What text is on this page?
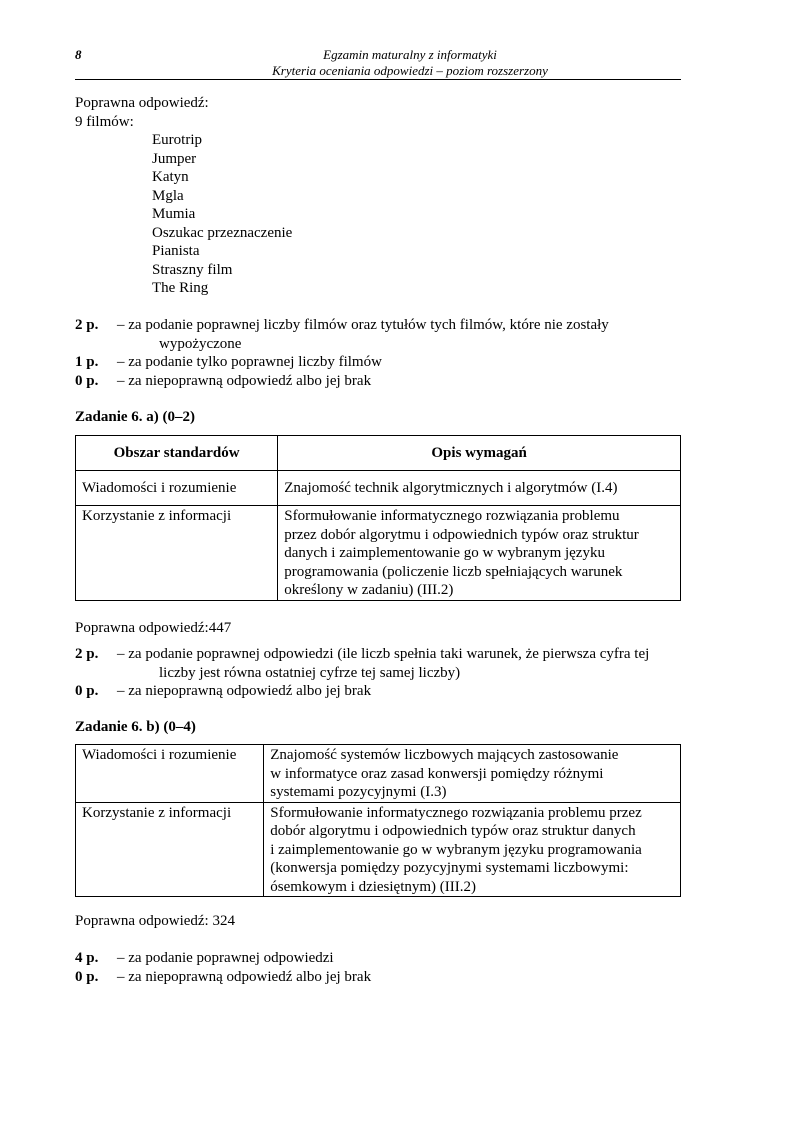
8	Egzamin maturalny z informatyki
Kryteria oceniania odpowiedzi – poziom rozszerzony
Poprawna odpowiedź:
9 filmów:
Eurotrip
Jumper
Katyn
Mgla
Mumia
Oszukac przeznaczenie
Pianista
Straszny film
The Ring
2 p. – za podanie poprawnej liczby filmów oraz tytułów tych filmów, które nie zostały
wypożyczone
1 p. – za podanie tylko poprawnej liczby filmów
0 p. – za niepoprawną odpowiedź albo jej brak
Zadanie 6. a) (0–2)
Obszar standardów	Opis wymagań
Wiadomości i rozumienie	Znajomość technik algorytmicznych i algorytmów (I.4)

Korzystanie z informacji	Sformułowanie informatycznego rozwiązania problemu
przez dobór algorytmu i odpowiednich typów oraz struktur
danych i zaimplementowanie go w wybranym języku
programowania (policzenie liczb spełniających warunek
określony w zadaniu) (III.2)
Poprawna odpowiedź:447
2 p. – za podanie poprawnej odpowiedzi (ile liczb spełnia taki warunek, że pierwsza cyfra tej
liczby jest równa ostatniej cyfrze tej samej liczby)
0 p. – za niepoprawną odpowiedź albo jej brak
Zadanie 6. b) (0–4)
Wiadomości i rozumienie	Znajomość systemów liczbowych mających zastosowanie
w informatyce oraz zasad konwersji pomiędzy różnymi
systemami pozycyjnymi (I.3)

Korzystanie z informacji	Sformułowanie informatycznego rozwiązania problemu przez
dobór algorytmu i odpowiednich typów oraz struktur danych
i zaimplementowanie go w wybranym języku programowania
(konwersja pomiędzy pozycyjnymi systemami liczbowymi:
ósemkowym i dziesiętnym) (III.2)
Poprawna odpowiedź: 324
4 p. – za podanie poprawnej odpowiedzi
0 p. – za niepoprawną odpowiedź albo jej brak
